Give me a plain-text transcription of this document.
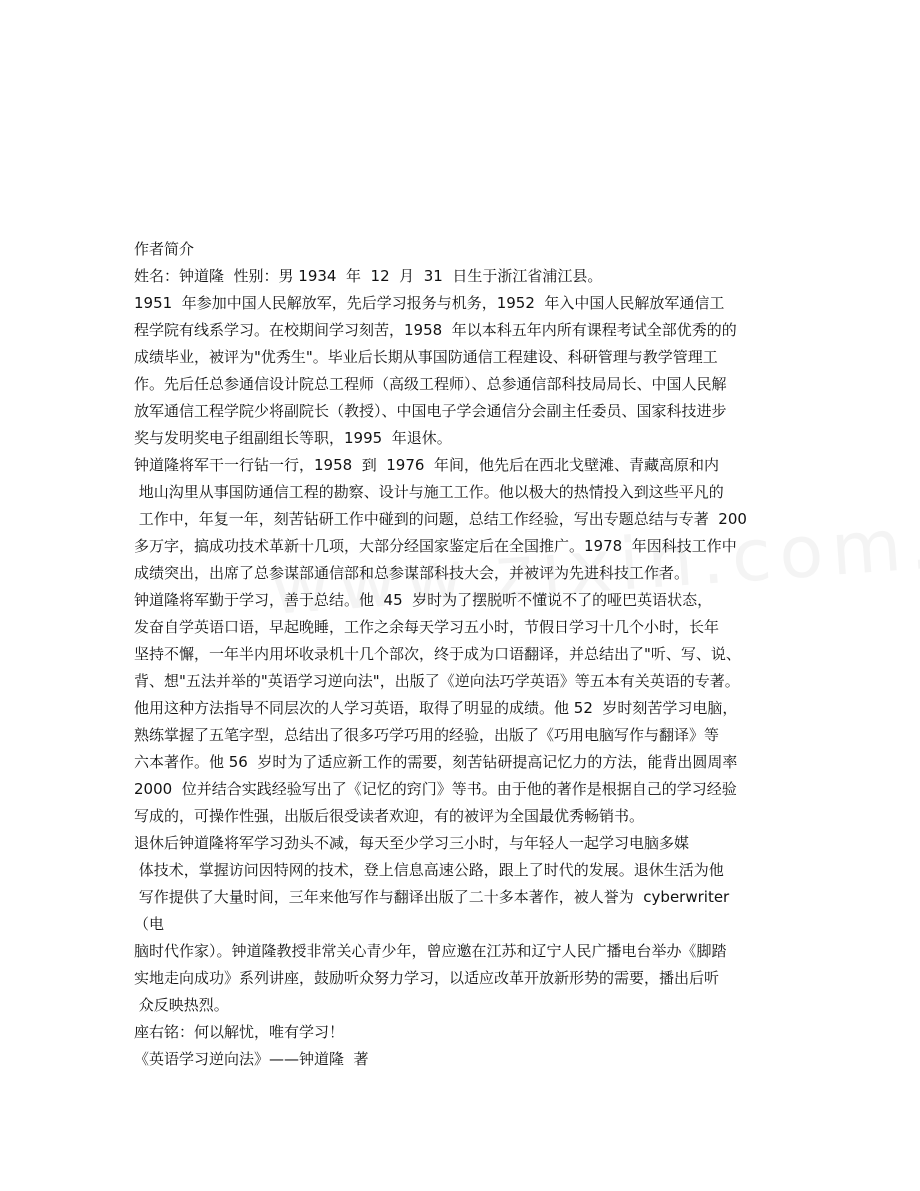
作者简介
姓名：钟道隆  性别：男 1934  年  12  月  31  日生于浙江省浦江县。
1951  年参加中国人民解放军，先后学习报务与机务，1952  年入中国人民解放军通信工
程学院有线系学习。在校期间学习刻苦，1958  年以本科五年内所有课程考试全部优秀的的
成绩毕业，被评为"优秀生"。毕业后长期从事国防通信工程建设、科研管理与教学管理工
作。先后任总参通信设计院总工程师（高级工程师）、总参通信部科技局局长、中国人民解
放军通信工程学院少将副院长（教授）、中国电子学会通信分会副主任委员、国家科技进步
奖与发明奖电子组副组长等职，1995  年退休。
钟道隆将军干一行钻一行，1958  到  1976  年间，他先后在西北戈壁滩、青藏高原和内
地山沟里从事国防通信工程的勘察、设计与施工工作。他以极大的热情投入到这些平凡的
工作中，年复一年，刻苦钻研工作中碰到的问题，总结工作经验，写出专题总结与专著  200
多万字，搞成功技术革新十几项，大部分经国家鉴定后在全国推广。1978  年因科技工作中
成绩突出，出席了总参谋部通信部和总参谋部科技大会，并被评为先进科技工作者。
钟道隆将军勤于学习，善于总结。他  45  岁时为了摆脱听不懂说不了的哑巴英语状态，
发奋自学英语口语，早起晚睡，工作之余每天学习五小时，节假日学习十几个小时，长年
坚持不懈，一年半内用坏收录机十几个部次，终于成为口语翻译，并总结出了"听、写、说、
背、想"五法并举的"英语学习逆向法"，出版了《逆向法巧学英语》等五本有关英语的专著。
他用这种方法指导不同层次的人学习英语，取得了明显的成绩。他 52  岁时刻苦学习电脑，
熟练掌握了五笔字型，总结出了很多巧学巧用的经验，出版了《巧用电脑写作与翻译》等
六本著作。他 56  岁时为了适应新工作的需要，刻苦钻研提高记忆力的方法，能背出圆周率
2000  位并结合实践经验写出了《记忆的窍门》等书。由于他的著作是根据自己的学习经验
写成的，可操作性强，出版后很受读者欢迎，有的被评为全国最优秀畅销书。
退休后钟道隆将军学习劲头不减，每天至少学习三小时，与年轻人一起学习电脑多媒
体技术，掌握访问因特网的技术，登上信息高速公路，跟上了时代的发展。退休生活为他
写作提供了大量时间，三年来他写作与翻译出版了二十多本著作，被人誉为  cyberwriter
（电
脑时代作家）。钟道隆教授非常关心青少年，曾应邀在江苏和辽宁人民广播电台举办《脚踏
实地走向成功》系列讲座，鼓励听众努力学习，以适应改革开放新形势的需要，播出后听
众反映热烈。
座右铭：何以解忧，唯有学习！
《英语学习逆向法》——钟道隆  著
